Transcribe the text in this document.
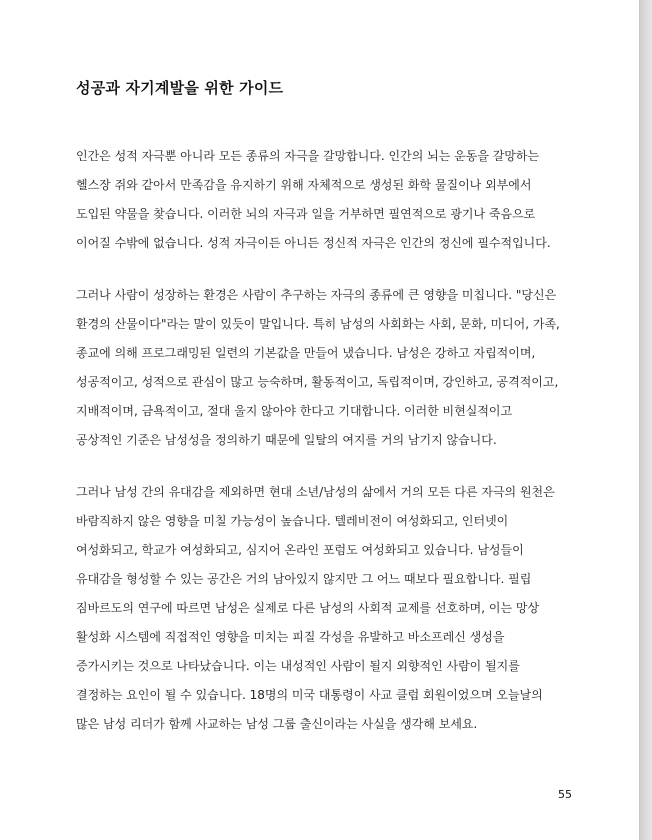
성공과 자기계발을 위한 가이드

인간은 성적 자극뿐 아니라 모든 종류의 자극을 갈망합니다. 인간의 뇌는 운동을 갈망하는
헬스장 쥐와 같아서 만족감을 유지하기 위해 자체적으로 생성된 화학 물질이나 외부에서
도입된 약물을 찾습니다. 이러한 뇌의 자극과 일을 거부하면 필연적으로 광기나 죽음으로
이어질 수밖에 없습니다. 성적 자극이든 아니든 정신적 자극은 인간의 정신에 필수적입니다.

그러나 사람이 성장하는 환경은 사람이 추구하는 자극의 종류에 큰 영향을 미칩니다. "당신은
환경의 산물이다"라는 말이 있듯이 말입니다. 특히 남성의 사회화는 사회, 문화, 미디어, 가족,
종교에 의해 프로그래밍된 일련의 기본값을 만들어 냈습니다. 남성은 강하고 자립적이며,
성공적이고, 성적으로 관심이 많고 능숙하며, 활동적이고, 독립적이며, 강인하고, 공격적이고,
지배적이며, 금욕적이고, 절대 울지 않아야 한다고 기대합니다. 이러한 비현실적이고
공상적인 기준은 남성성을 정의하기 때문에 일탈의 여지를 거의 남기지 않습니다.

그러나 남성 간의 유대감을 제외하면 현대 소년/남성의 삶에서 거의 모든 다른 자극의 원천은
바람직하지 않은 영향을 미칠 가능성이 높습니다. 텔레비전이 여성화되고, 인터넷이
여성화되고, 학교가 여성화되고, 심지어 온라인 포럼도 여성화되고 있습니다. 남성들이
유대감을 형성할 수 있는 공간은 거의 남아있지 않지만 그 어느 때보다 필요합니다. 필립
짐바르도의 연구에 따르면 남성은 실제로 다른 남성의 사회적 교제를 선호하며, 이는 망상
활성화 시스템에 직접적인 영향을 미치는 피질 각성을 유발하고 바소프레신 생성을
증가시키는 것으로 나타났습니다. 이는 내성적인 사람이 될지 외향적인 사람이 될지를
결정하는 요인이 될 수 있습니다. 18명의 미국 대통령이 사교 클럽 회원이었으며 오늘날의
많은 남성 리더가 함께 사교하는 남성 그룹 출신이라는 사실을 생각해 보세요.

55
